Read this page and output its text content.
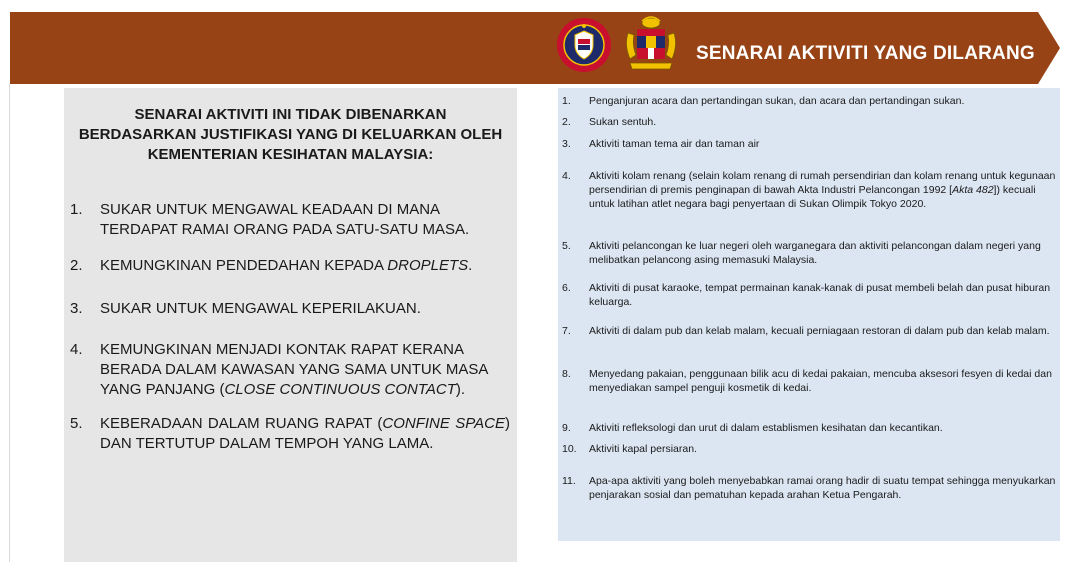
SENARAI AKTIVITI YANG DILARANG
SENARAI AKTIVITI INI TIDAK DIBENARKAN
BERDASARKAN JUSTIFIKASI YANG DI KELUARKAN OLEH
KEMENTERIAN KESIHATAN MALAYSIA:
1. SUKAR UNTUK MENGAWAL KEADAAN DI MANA TERDAPAT RAMAI ORANG PADA SATU-SATU MASA.
2. KEMUNGKINAN PENDEDAHAN KEPADA DROPLETS.
3. SUKAR UNTUK MENGAWAL KEPERILAKUAN.
4. KEMUNGKINAN MENJADI KONTAK RAPAT KERANA BERADA DALAM KAWASAN YANG SAMA UNTUK MASA YANG PANJANG (CLOSE CONTINUOUS CONTACT).
5. KEBERADAAN DALAM RUANG RAPAT (CONFINE SPACE) DAN TERTUTUP DALAM TEMPOH YANG LAMA.
1. Penganjuran acara dan pertandingan sukan, dan acara dan pertandingan sukan.
2. Sukan sentuh.
3. Aktiviti taman tema air dan taman air
4. Aktiviti kolam renang (selain kolam renang di rumah persendirian dan kolam renang untuk kegunaan persendirian di premis penginapan di bawah Akta Industri Pelancongan 1992 [Akta 482]) kecuali untuk latihan atlet negara bagi penyertaan di Sukan Olimpik Tokyo 2020.
5. Aktiviti pelancongan ke luar negeri oleh warganegara dan aktiviti pelancongan dalam negeri yang melibatkan pelancong asing memasuki Malaysia.
6. Aktiviti di pusat karaoke, tempat permainan kanak-kanak di pusat membeli belah dan pusat hiburan keluarga.
7. Aktiviti di dalam pub dan kelab malam, kecuali perniagaan restoran di dalam pub dan kelab malam.
8. Menyedang pakaian, penggunaan bilik acu di kedai pakaian, mencuba aksesori fesyen di kedai dan menyediakan sampel penguji kosmetik di kedai.
9. Aktiviti refleksologi dan urut di dalam establismen kesihatan dan kecantikan.
10. Aktiviti kapal persiaran.
11. Apa-apa aktiviti yang boleh menyebabkan ramai orang hadir di suatu tempat sehingga menyukarkan penjarakan sosial dan pematuhan kepada arahan Ketua Pengarah.
